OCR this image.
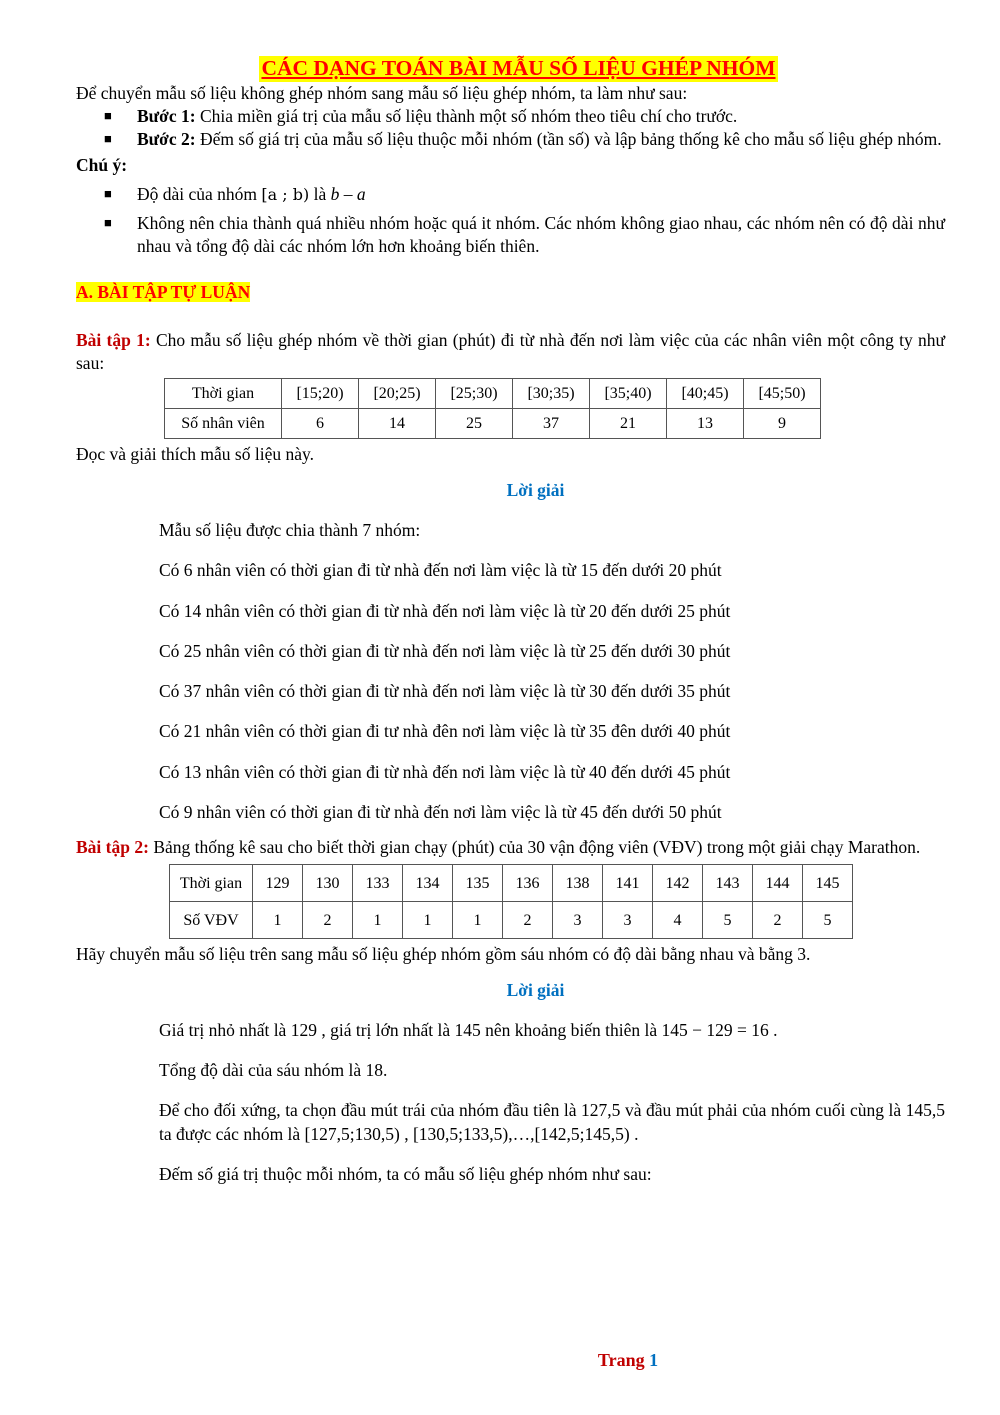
CÁC DẠNG TOÁN BÀI MẪU SỐ LIỆU GHÉP NHÓM

Để chuyển mẫu số liệu không ghép nhóm sang mẫu số liệu ghép nhóm, ta làm như sau:

■ Bước 1: Chia miền giá trị của mẫu số liệu thành một số nhóm theo tiêu chí cho trước.
■ Bước 2: Đếm số giá trị của mẫu số liệu thuộc mỗi nhóm (tần số) và lập bảng thống kê cho mẫu số liệu ghép nhóm.

Chú ý:

■ Độ dài của nhóm [a ; b) là b – a
■ Không nên chia thành quá nhiều nhóm hoặc quá it nhóm. Các nhóm không giao nhau, các nhóm nên có độ dài như nhau và tổng độ dài các nhóm lớn hơn khoảng biến thiên.

A. BÀI TẬP TỰ LUẬN

Bài tập 1: Cho mẫu số liệu ghép nhóm về thời gian (phút) đi từ nhà đến nơi làm việc của các nhân viên một công ty như sau:

Thời gian	[15;20)	[20;25)	[25;30)	[30;35)	[35;40)	[40;45)	[45;50)
Số nhân viên	6	14	25	37	21	13	9

Đọc và giải thích mẫu số liệu này.

Lời giải

Mẫu số liệu được chia thành 7 nhóm:

Có 6 nhân viên có thời gian đi từ nhà đến nơi làm việc là từ 15 đến dưới 20 phút

Có 14 nhân viên có thời gian đi từ nhà đến nơi làm việc là từ 20 đến dưới 25 phút

Có 25 nhân viên có thời gian đi từ nhà đến nơi làm việc là từ 25 đến dưới 30 phút

Có 37 nhân viên có thời gian đi từ nhà đến nơi làm việc là từ 30 đến dưới 35 phút

Có 21 nhân viên có thời gian đi tư nhà đên nơi làm việc là từ 35 đên dưới 40 phút

Có 13 nhân viên có thời gian đi từ nhà đến nơi làm việc là từ 40 đến dưới 45 phút

Có 9 nhân viên có thời gian đi từ nhà đến nơi làm việc là từ 45 đến dưới 50 phút

Bài tập 2: Bảng thống kê sau cho biết thời gian chạy (phút) của 30 vận động viên (VĐV) trong một giải chạy Marathon.

Thời gian	129	130	133	134	135	136	138	141	142	143	144	145
Số VĐV	1	2	1	1	1	2	3	3	4	5	2	5

Hãy chuyển mẫu số liệu trên sang mẫu số liệu ghép nhóm gồm sáu nhóm có độ dài bằng nhau và bằng 3.

Lời giải

Giá trị nhỏ nhất là 129 , giá trị lớn nhất là 145 nên khoảng biến thiên là 145 − 129 = 16 .

Tổng độ dài của sáu nhóm là 18.

Để cho đối xứng, ta chọn đầu mút trái của nhóm đầu tiên là 127,5 và đầu mút phải của nhóm cuối cùng là 145,5 ta được các nhóm là [127,5;130,5) , [130,5;133,5),…,[142,5;145,5) .

Đếm số giá trị thuộc mỗi nhóm, ta có mẫu số liệu ghép nhóm như sau:

Trang 1
